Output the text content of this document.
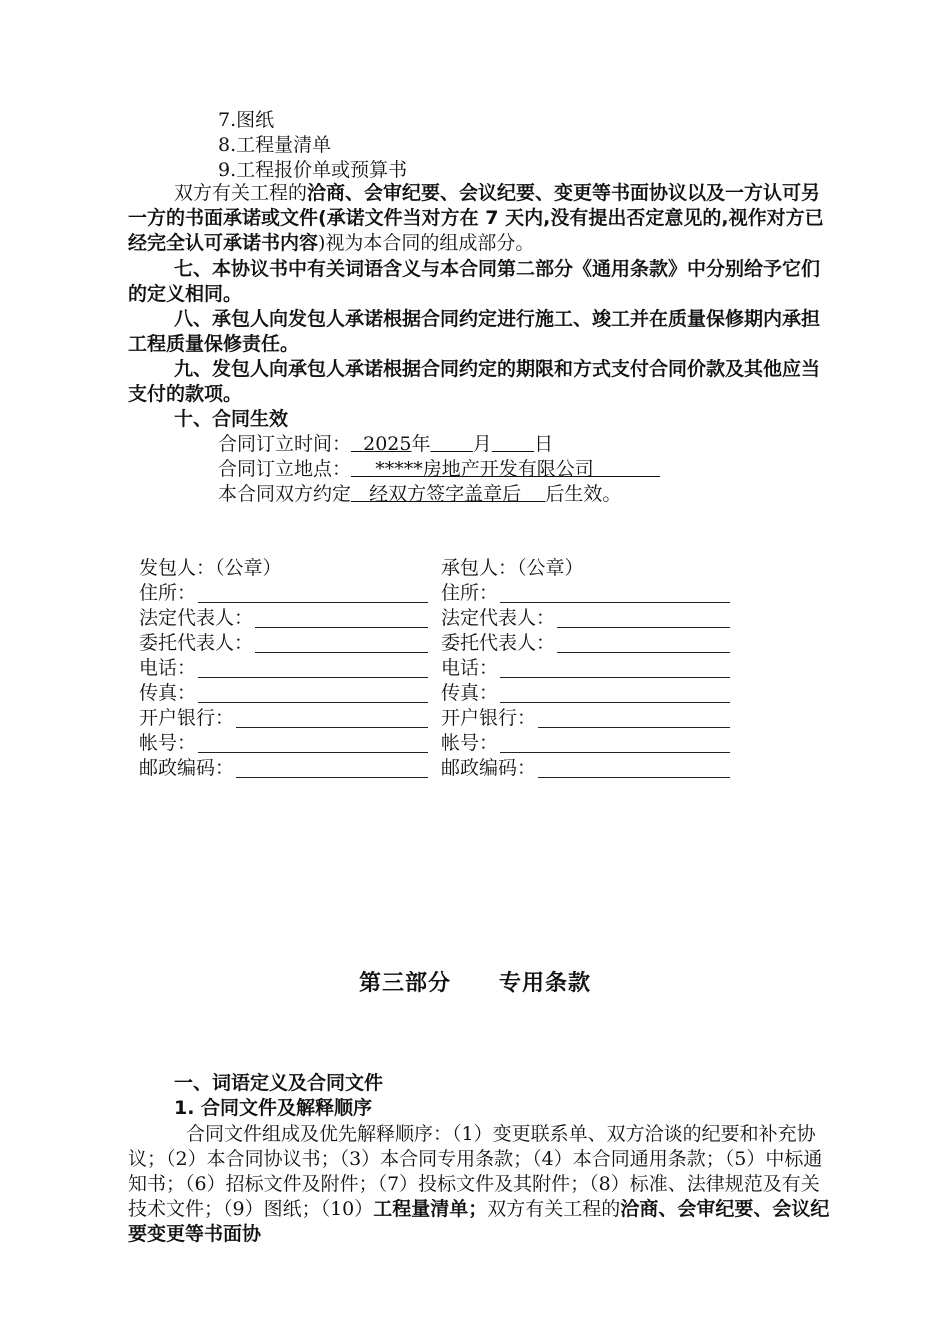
7.图纸
8.工程量清单
9.工程报价单或预算书
双方有关工程的洽商、会审纪要、会议纪要、变更等书面协议以及一方认可另一方的书面承诺或文件(承诺文件当对方在 7 天内,没有提出否定意见的,视作对方已经完全认可承诺书内容)视为本合同的组成部分。
七、本协议书中有关词语含义与本合同第二部分《通用条款》中分别给予它们的定义相同。
八、承包人向发包人承诺根据合同约定进行施工、竣工并在质量保修期内承担工程质量保修责任。
九、发包人向承包人承诺根据合同约定的期限和方式支付合同价款及其他应当支付的款项。
十、合同生效
合同订立时间： 2025年 月 日
合同订立地点： *****房地产开发有限公司
本合同双方约定 经双方签字盖章后 后生效。
发包人：（公章）	承包人：（公章）
住所：	住所：
法定代表人：	法定代表人：
委托代表人：	委托代表人：
电话：	电话：
传真：	传真：
开户银行：	开户银行：
帐号：	帐号：
邮政编码：	邮政编码：
第三部分 专用条款
一、词语定义及合同文件
1. 合同文件及解释顺序
合同文件组成及优先解释顺序：（1）变更联系单、双方洽谈的纪要和补充协议；（2）本合同协议书；（3）本合同专用条款；（4）本合同通用条款；（5）中标通知书；（6）招标文件及附件；（7）投标文件及其附件；（8）标准、法律规范及有关技术文件；（9）图纸；（10）工程量清单；双方有关工程的洽商、会审纪要、会议纪要变更等书面协
